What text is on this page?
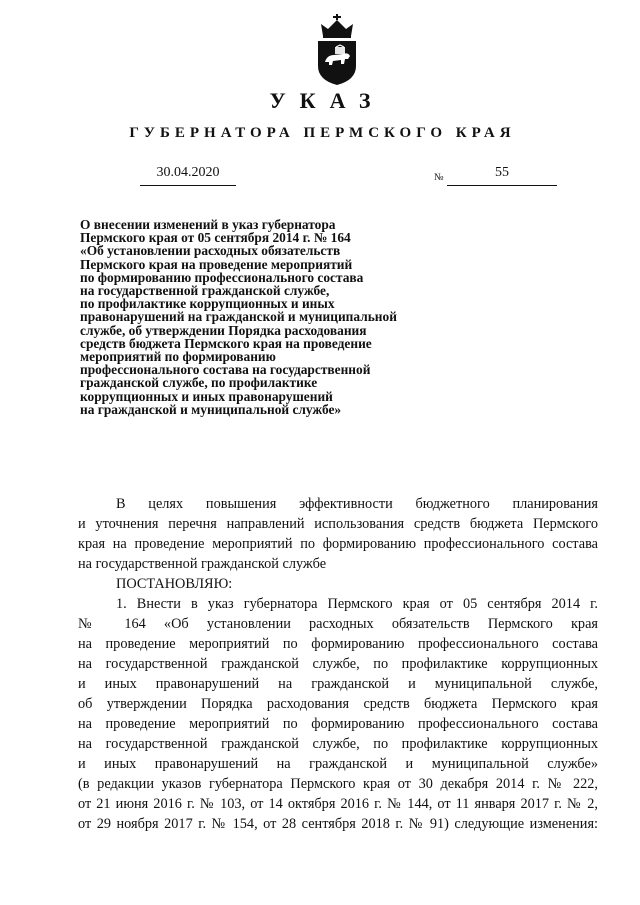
УКАЗ
ГУБЕРНАТОРА ПЕРМСКОГО КРАЯ
30.04.2020	№	55
О внесении изменений в указ губернатора
Пермского края от 05 сентября 2014 г. № 164
«Об установлении расходных обязательств
Пермского края на проведение мероприятий
по формированию профессионального состава
на государственной гражданской службе,
по профилактике коррупционных и иных
правонарушений на гражданской и муниципальной
службе, об утверждении Порядка расходования
средств бюджета Пермского края на проведение
мероприятий по формированию
профессионального состава на государственной
гражданской службе, по профилактике
коррупционных и иных правонарушений
на гражданской и муниципальной службе»
В целях повышения эффективности бюджетного планирования
и уточнения перечня направлений использования средств бюджета Пермского
края на проведение мероприятий по формированию профессионального состава
на государственной гражданской службе
ПОСТАНОВЛЯЮ:
1. Внести в указ губернатора Пермского края от 05 сентября 2014 г.
№ 164 «Об установлении расходных обязательств Пермского края
на проведение мероприятий по формированию профессионального состава
на государственной гражданской службе, по профилактике коррупционных
и иных правонарушений на гражданской и муниципальной службе,
об утверждении Порядка расходования средств бюджета Пермского края
на проведение мероприятий по формированию профессионального состава
на государственной гражданской службе, по профилактике коррупционных
и иных правонарушений на гражданской и муниципальной службе»
(в редакции указов губернатора Пермского края от 30 декабря 2014 г. № 222,
от 21 июня 2016 г. № 103, от 14 октября 2016 г. № 144, от 11 января 2017 г. № 2,
от 29 ноября 2017 г. № 154, от 28 сентября 2018 г. № 91) следующие изменения:
